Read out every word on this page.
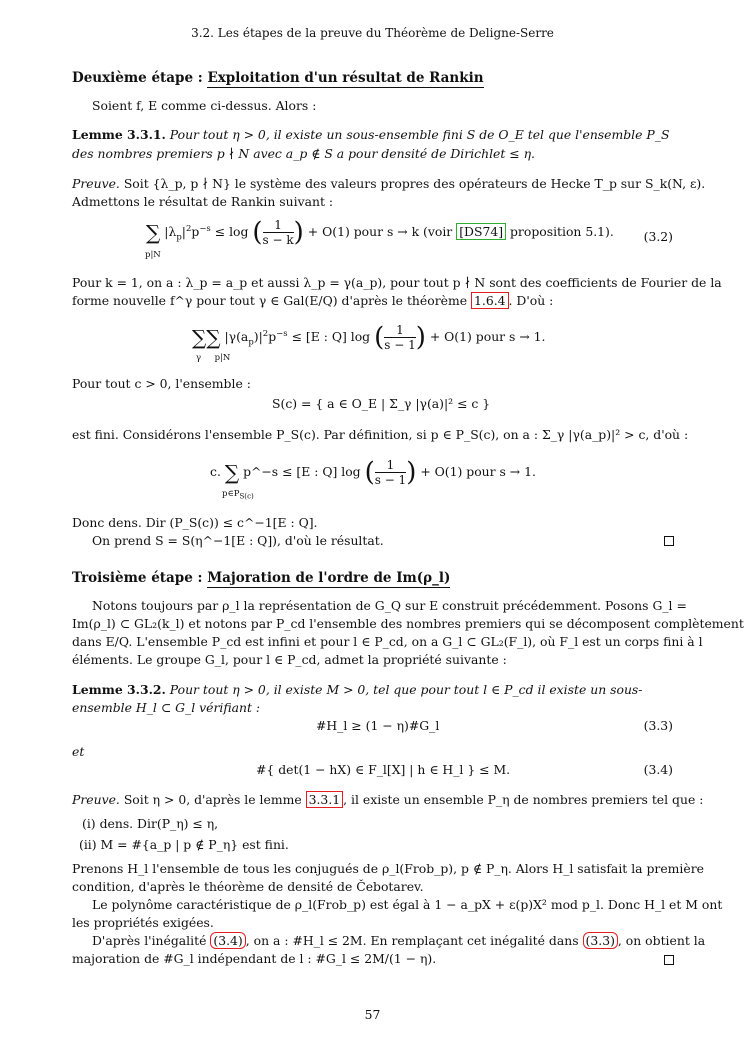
3.2. Les étapes de la preuve du Théorème de Deligne-Serre
Deuxième étape : Exploitation d'un résultat de Rankin
Soient f, E comme ci-dessus. Alors :
Lemme 3.3.1. Pour tout η > 0, il existe un sous-ensemble fini S de O_E tel que l'ensemble P_S
des nombres premiers p ∤ N avec a_p ∉ S a pour densité de Dirichlet ≤ η.
Preuve. Soit {λ_p, p ∤ N} le système des valeurs propres des opérateurs de Hecke T_p sur S_k(N, ε).
Admettons le résultat de Rankin suivant :
∑ $|\lambda_p|^2p^{-s} \le \log$ ( $\frac{1}{s - k}$ ) + O(1) pour s → k (voir [DS74] proposition 5.1).
p|N
(3.2)
Pour k = 1, on a : λ_p = a_p et aussi λ_p = γ(a_p), pour tout p ∤ N sont des coefficients de Fourier de la
forme nouvelle f^γ pour tout γ ∈ Gal(E/Q) d'après le théorème 1.6.4 . D'où :
∑∑ $|\gamma(a_p)|^2p^{-s} \le [E$ : Q] log ( $\frac{1}{s - 1}$ ) + O(1) pour s → 1.
γ     p|N
Pour tout c > 0, l'ensemble :
S(c) = { a ∈ O_E | Σ_γ |γ(a)|² ≤ c }
est fini. Considérons l'ensemble P_S(c). Par définition, si p ∈ P_S(c), on a : Σ_γ |γ(a_p)|² > c, d'où :
c. ∑ p^−s ≤ [E : Q] log ( $\frac{1}{s - 1}$ ) + O(1) pour s → 1.
$p\in P_{S(c)}$
Donc dens. Dir (P_S(c)) ≤ c^−1[E : Q].
On prend S = S(η^−1[E : Q]), d'où le résultat.
Troisième étape : Majoration de l'ordre de Im(ρ_l)
Notons toujours par ρ_l la représentation de G_Q sur E construit précédemment. Posons G_l =
Im(ρ_l) ⊂ GL₂(k_l) et notons par P_cd l'ensemble des nombres premiers qui se décomposent complètement
dans E/Q. L'ensemble P_cd est infini et pour l ∈ P_cd, on a G_l ⊂ GL₂(F_l), où F_l est un corps fini à l
éléments. Le groupe G_l, pour l ∈ P_cd, admet la propriété suivante :
Lemme 3.3.2. Pour tout η > 0, il existe M > 0, tel que pour tout l ∈ P_cd il existe un sous-
ensemble H_l ⊂ G_l vérifiant :
#H_l ≥ (1 − η)#G_l	(3.3)
et
#{ det(1 − hX) ∈ F_l[X] | h ∈ H_l } ≤ M.	(3.4)
Preuve. Soit η > 0, d'après le lemme 3.3.1 , il existe un ensemble P_η de nombres premiers tel que :
(i) dens. Dir(P_η) ≤ η,
(ii) M = #{a_p | p ∉ P_η} est fini.
Prenons H_l l'ensemble de tous les conjugués de ρ_l(Frob_p), p ∉ P_η. Alors H_l satisfait la première
condition, d'après le théorème de densité de Čebotarev.
Le polynôme caractéristique de ρ_l(Frob_p) est égal à 1 − a_pX + ε(p)X² mod p_l. Donc H_l et M ont
les propriétés exigées.
D'après l'inégalité (3.4) , on a : #H_l ≤ 2M. En remplaçant cet inégalité dans (3.3) , on obtient la
majoration de #G_l indépendant de l : #G_l ≤ 2M/(1 − η).
57
